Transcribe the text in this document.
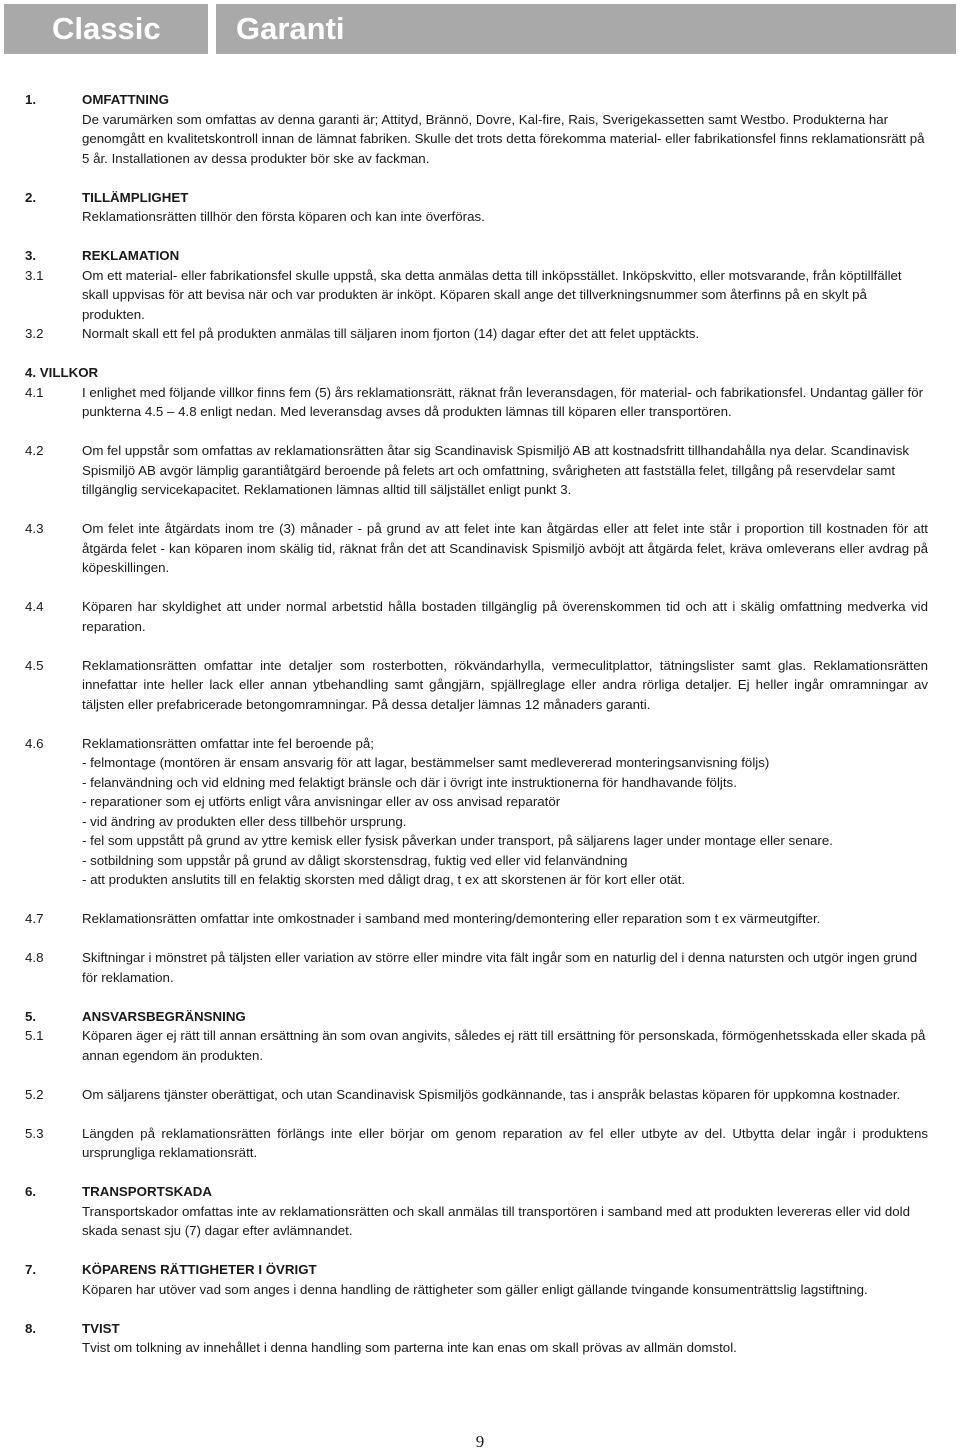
Classic	Garanti
1.	OMFATTNING
De varumärken som omfattas av denna garanti är; Attityd, Brännö, Dovre, Kal-fire, Rais, Sverigekassetten samt Westbo. Produkterna har genomgått en kvalitetskontroll innan de lämnat fabriken. Skulle det trots detta förekomma material- eller fabrikationsfel finns reklamationsrätt på 5 år. Installationen av dessa produkter bör ske av fackman.
2.	TILLÄMPLIGHET
Reklamationsrätten tillhör den första köparen och kan inte överföras.
3.	REKLAMATION
3.1	Om ett material- eller fabrikationsfel skulle uppstå, ska detta anmälas detta till inköpsstället. Inköpskvitto, eller motsvarande, från köptillfället skall uppvisas för att bevisa när och var produkten är inköpt. Köparen skall ange det tillverkningsnummer som återfinns på en skylt på produkten.
3.2	Normalt skall ett fel på produkten anmälas till säljaren inom fjorton (14) dagar efter det att felet upptäckts.
4. VILLKOR
4.1	I enlighet med följande villkor finns fem (5) års reklamationsrätt, räknat från leveransdagen, för material- och fabrikationsfel. Undantag gäller för punkterna 4.5 – 4.8 enligt nedan. Med leveransdag avses då produkten lämnas till köparen eller transportören.
4.2	Om fel uppstår som omfattas av reklamationsrätten åtar sig Scandinavisk Spismiljö AB att kostnadsfritt tillhandahålla nya delar. Scandinavisk Spismiljö AB avgör lämplig garantiåtgärd beroende på felets art och omfattning, svårigheten att fastställa felet, tillgång på reservdelar samt tillgänglig servicekapacitet. Reklamationen lämnas alltid till säljstället enligt punkt 3.
4.3	Om felet inte åtgärdats inom tre (3) månader - på grund av att felet inte kan åtgärdas eller att felet inte står i proportion till kostnaden för att åtgärda felet - kan köparen inom skälig tid, räknat från det att Scandinavisk Spismiljö avböjt att åtgärda felet, kräva omleverans eller avdrag på köpeskillingen.
4.4	Köparen har skyldighet att under normal arbetstid hålla bostaden tillgänglig på överenskommen tid och att i skälig omfattning medverka vid reparation.
4.5	Reklamationsrätten omfattar inte detaljer som rosterbotten, rökvändarhylla, vermeculitplattor, tätningslister samt glas. Reklamationsrätten innefattar inte heller lack eller annan ytbehandling samt gångjärn, spjällreglage eller andra rörliga detaljer. Ej heller ingår omramningar av täljsten eller prefabricerade betongomramningar. På dessa detaljer lämnas 12 månaders garanti.
4.6	Reklamationsrätten omfattar inte fel beroende på;
- felmontage (montören är ensam ansvarig för att lagar, bestämmelser samt medlevererad monteringsanvisning följs)
- felanvändning och vid eldning med felaktigt bränsle och där i övrigt inte instruktionerna för handhavande följts.
- reparationer som ej utförts enligt våra anvisningar eller av oss anvisad reparatör
- vid ändring av produkten eller dess tillbehör ursprung.
- fel som uppstått på grund av yttre kemisk eller fysisk påverkan under transport, på säljarens lager under montage eller senare.
- sotbildning som uppstår på grund av dåligt skorstensdrag, fuktig ved eller vid felanvändning
- att produkten anslutits till en felaktig skorsten med dåligt drag, t ex att skorstenen är för kort eller otät.
4.7	Reklamationsrätten omfattar inte omkostnader i samband med montering/demontering eller reparation som t ex värmeutgifter.
4.8	Skiftningar i mönstret på täljsten eller variation av större eller mindre vita fält ingår som en naturlig del i denna natursten och utgör ingen grund för reklamation.
5.	ANSVARSBEGRÄNSNING
5.1	Köparen äger ej rätt till annan ersättning än som ovan angivits, således ej rätt till ersättning för personskada, förmögenhetsskada eller skada på annan egendom än produkten.
5.2	Om säljarens tjänster oberättigat, och utan Scandinavisk Spismiljös godkännande, tas i anspråk belastas köparen för uppkomna kostnader.
5.3	Längden på reklamationsrätten förlängs inte eller börjar om genom reparation av fel eller utbyte av del. Utbytta delar ingår i produktens ursprungliga reklamationsrätt.
6.	TRANSPORTSKADA
Transportskador omfattas inte av reklamationsrätten och skall anmälas till transportören i samband med att produkten levereras eller vid dold skada senast sju (7) dagar efter avlämnandet.
7.	KÖPARENS RÄTTIGHETER I ÖVRIGT
Köparen har utöver vad som anges i denna handling de rättigheter som gäller enligt gällande tvingande konsumenträttslig lagstiftning.
8.	TVIST
Tvist om tolkning av innehållet i denna handling som parterna inte kan enas om skall prövas av allmän domstol.
9
